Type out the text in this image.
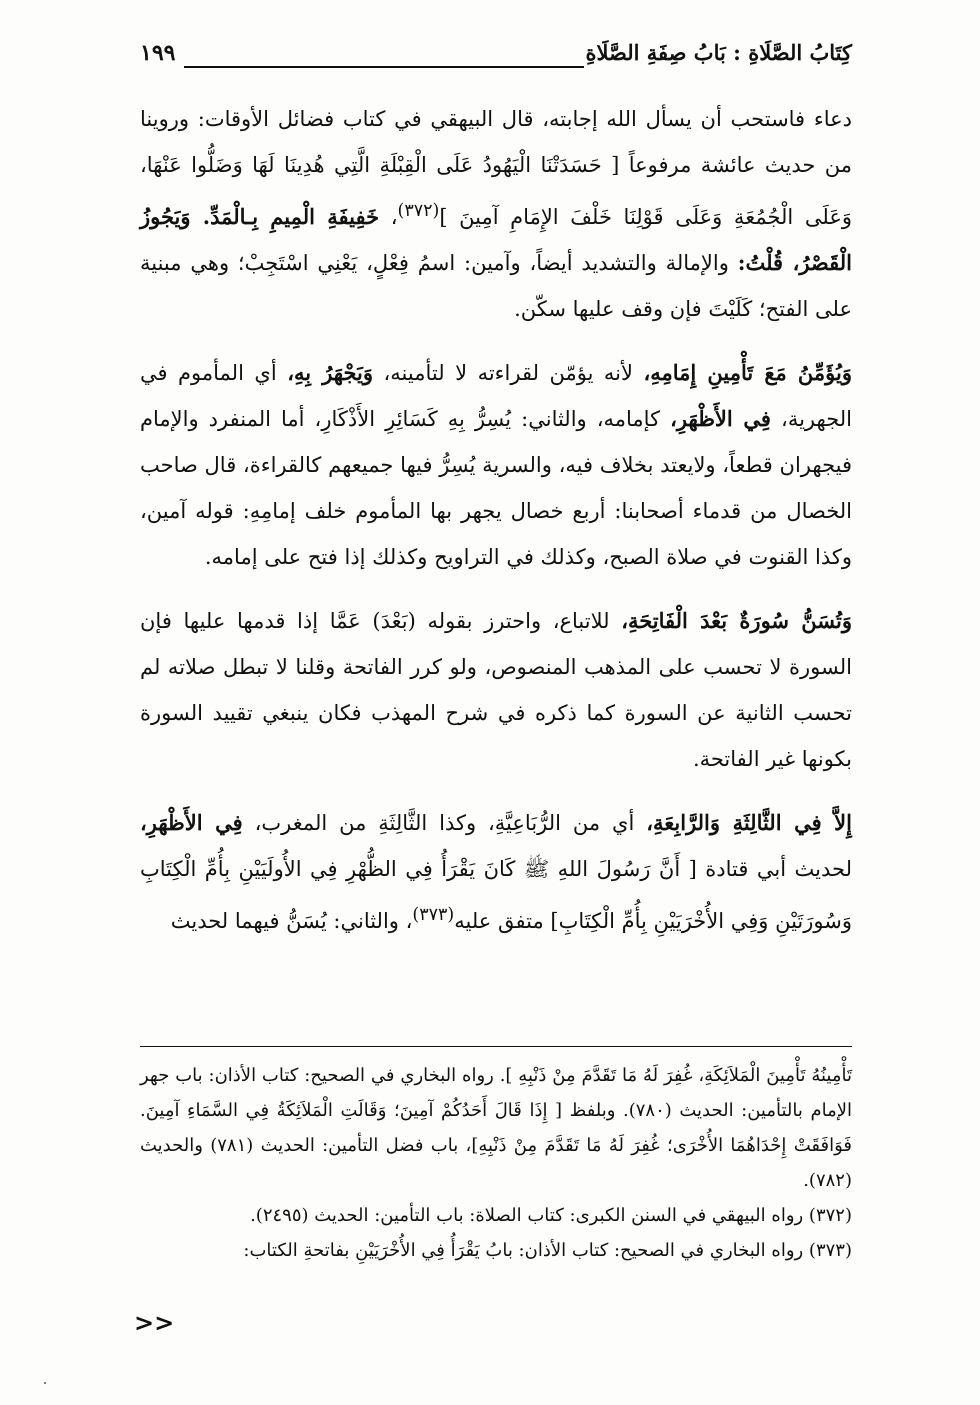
كِتَابُ الصَّلَاةِ : بَابُ صِفَةِ الصَّلَاةِ
١٩٩

دعاء فاستحب أن يسأل الله إجابته، قال البيهقي في كتاب فضائل الأوقات: وروينا من حديث عائشة مرفوعاً [ حَسَدَتْنَا الْيَهُودُ عَلَى الْقِبْلَةِ الَّتِي هُدِينَا لَهَا وَضَلُّوا عَنْهَا، وَعَلَى الْجُمُعَةِ وَعَلَى قَوْلِنَا خَلْفَ الإِمَامِ آمِينَ ]$^{(٣٧٢)}$، خَفِيفَةِ الْمِيمِ بِـالْمَدِّ. وَيَجُوزُ الْقَصْرُ، قُلْتُ: والإمالة والتشديد أيضاً، وآمين: اسمُ فِعْلٍ، يَعْنِي اسْتَجِبْ؛ وهي مبنية على الفتح؛ كَلَيْتَ فإن وقف عليها سكّن.

وَيُؤَمِّنُ مَعَ تَأْمِينِ إِمَامِهِ، لأنه يؤمّن لقراءته لا لتأمينه، وَيَجْهَرُ بِهِ، أي المأموم في الجهرية، فِي الأَظْهَرِ، كإمامه، والثاني: يُسِرُّ بِهِ كَسَائِرِ الأَذْكَارِ، أما المنفرد والإمام فيجهران قطعاً، ولايعتد بخلاف فيه، والسرية يُسِرُّ فيها جميعهم كالقراءة، قال صاحب الخصال من قدماء أصحابنا: أربع خصال يجهر بها المأموم خلف إمامِهِ: قوله آمين، وكذا القنوت في صلاة الصبح، وكذلك في التراويح وكذلك إذا فتح على إمامه.

وَتُسَنُّ سُورَةٌ بَعْدَ الْفَاتِحَةِ، للاتباع، واحترز بقوله (بَعْدَ) عَمَّا إذا قدمها عليها فإن السورة لا تحسب على المذهب المنصوص، ولو كرر الفاتحة وقلنا لا تبطل صلاته لم تحسب الثانية عن السورة كما ذكره في شرح المهذب فكان ينبغي تقييد السورة بكونها غير الفاتحة.

إِلاَّ فِي الثَّالِثَةِ وَالرَّابِعَةِ، أي من الرُّبَاعِيَّةِ، وكذا الثَّالِثَةِ من المغرب، فِي الأَظْهَرِ، لحديث أبي قتادة [ أَنَّ رَسُولَ اللهِ ﷺ كَانَ يَقْرَأُ فِي الظُّهْرِ فِي الأُولَيَيْنِ بِأُمِّ الْكِتَابِ وَسُورَتَيْنِ وَفِي الأُخْرَيَيْنِ بِأُمِّ الْكِتَابِ] متفق عليه$^{(٣٧٣)}$، والثاني: يُسَنُّ فيهما لحديث

تَأْمِينُهُ تَأْمِينَ الْمَلاَئِكَةِ، غُفِرَ لَهُ مَا تَقَدَّمَ مِنْ ذَنْبِهِ ]. رواه البخاري في الصحيح: كتاب الأذان: باب جهر الإمام بالتأمين: الحديث (٧٨٠). وبلفظ [ إِذَا قَالَ أَحَدُكُمْ آمِينَ؛ وَقَالَتِ الْمَلاَئِكَةُ فِي السَّمَاءِ آمِينَ. فَوَافَقَتْ إِحْدَاهُمَا الأُخْرَى؛ غُفِرَ لَهُ مَا تَقَدَّمَ مِنْ ذَنْبِهِ]، باب فضل التأمين: الحديث (٧٨١) والحديث (٧٨٢).

(٣٧٢) رواه البيهقي في السنن الكبرى: كتاب الصلاة: باب التأمين: الحديث (٢٤٩٥).

(٣٧٣) رواه البخاري في الصحيح: كتاب الأذان: بابُ يَقْرَأُ فِي الأُخْرَيَيْنِ بفاتحةِ الكتاب:

<<
